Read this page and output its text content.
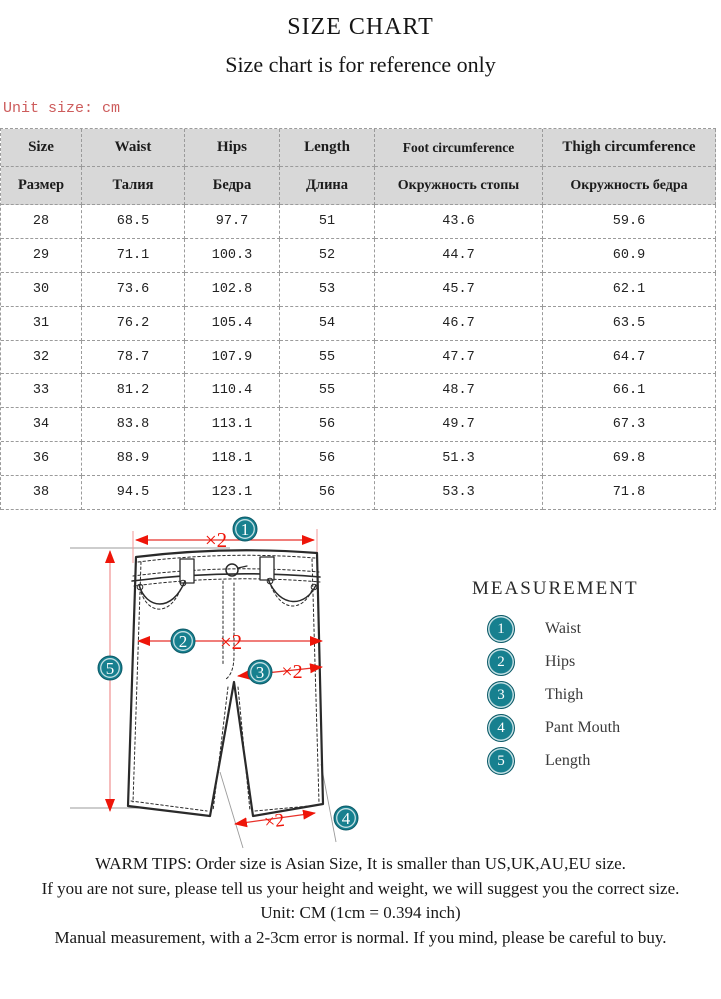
SIZE CHART
Size chart is for reference only
Unit size: cm
Size	Waist	Hips	Length	Foot circumference	Thigh circumference
Размер	Талия	Бедра	Длина	Окружность стопы	Окружность бедра
28	68.5	97.7	51	43.6	59.6
29	71.1	100.3	52	44.7	60.9
30	73.6	102.8	53	45.7	62.1
31	76.2	105.4	54	46.7	63.5
32	78.7	107.9	55	47.7	64.7
33	81.2	110.4	55	48.7	66.1
34	83.8	113.1	56	49.7	67.3
36	88.9	118.1	56	51.3	69.8
38	94.5	123.1	56	53.3	71.8
×2
×2
×2
×2
1
2
3
4
5
MEASUREMENT
1	Waist
2	Hips
3	Thigh
4	Pant Mouth
5	Length

WARM TIPS: Order size is Asian Size, It is smaller than US,UK,AU,EU size.

If you are not sure, please tell us your height and weight, we will suggest you the correct size.

Unit: CM (1cm = 0.394 inch)

Manual measurement, with a 2-3cm error is normal. If you mind, please be careful to buy.
